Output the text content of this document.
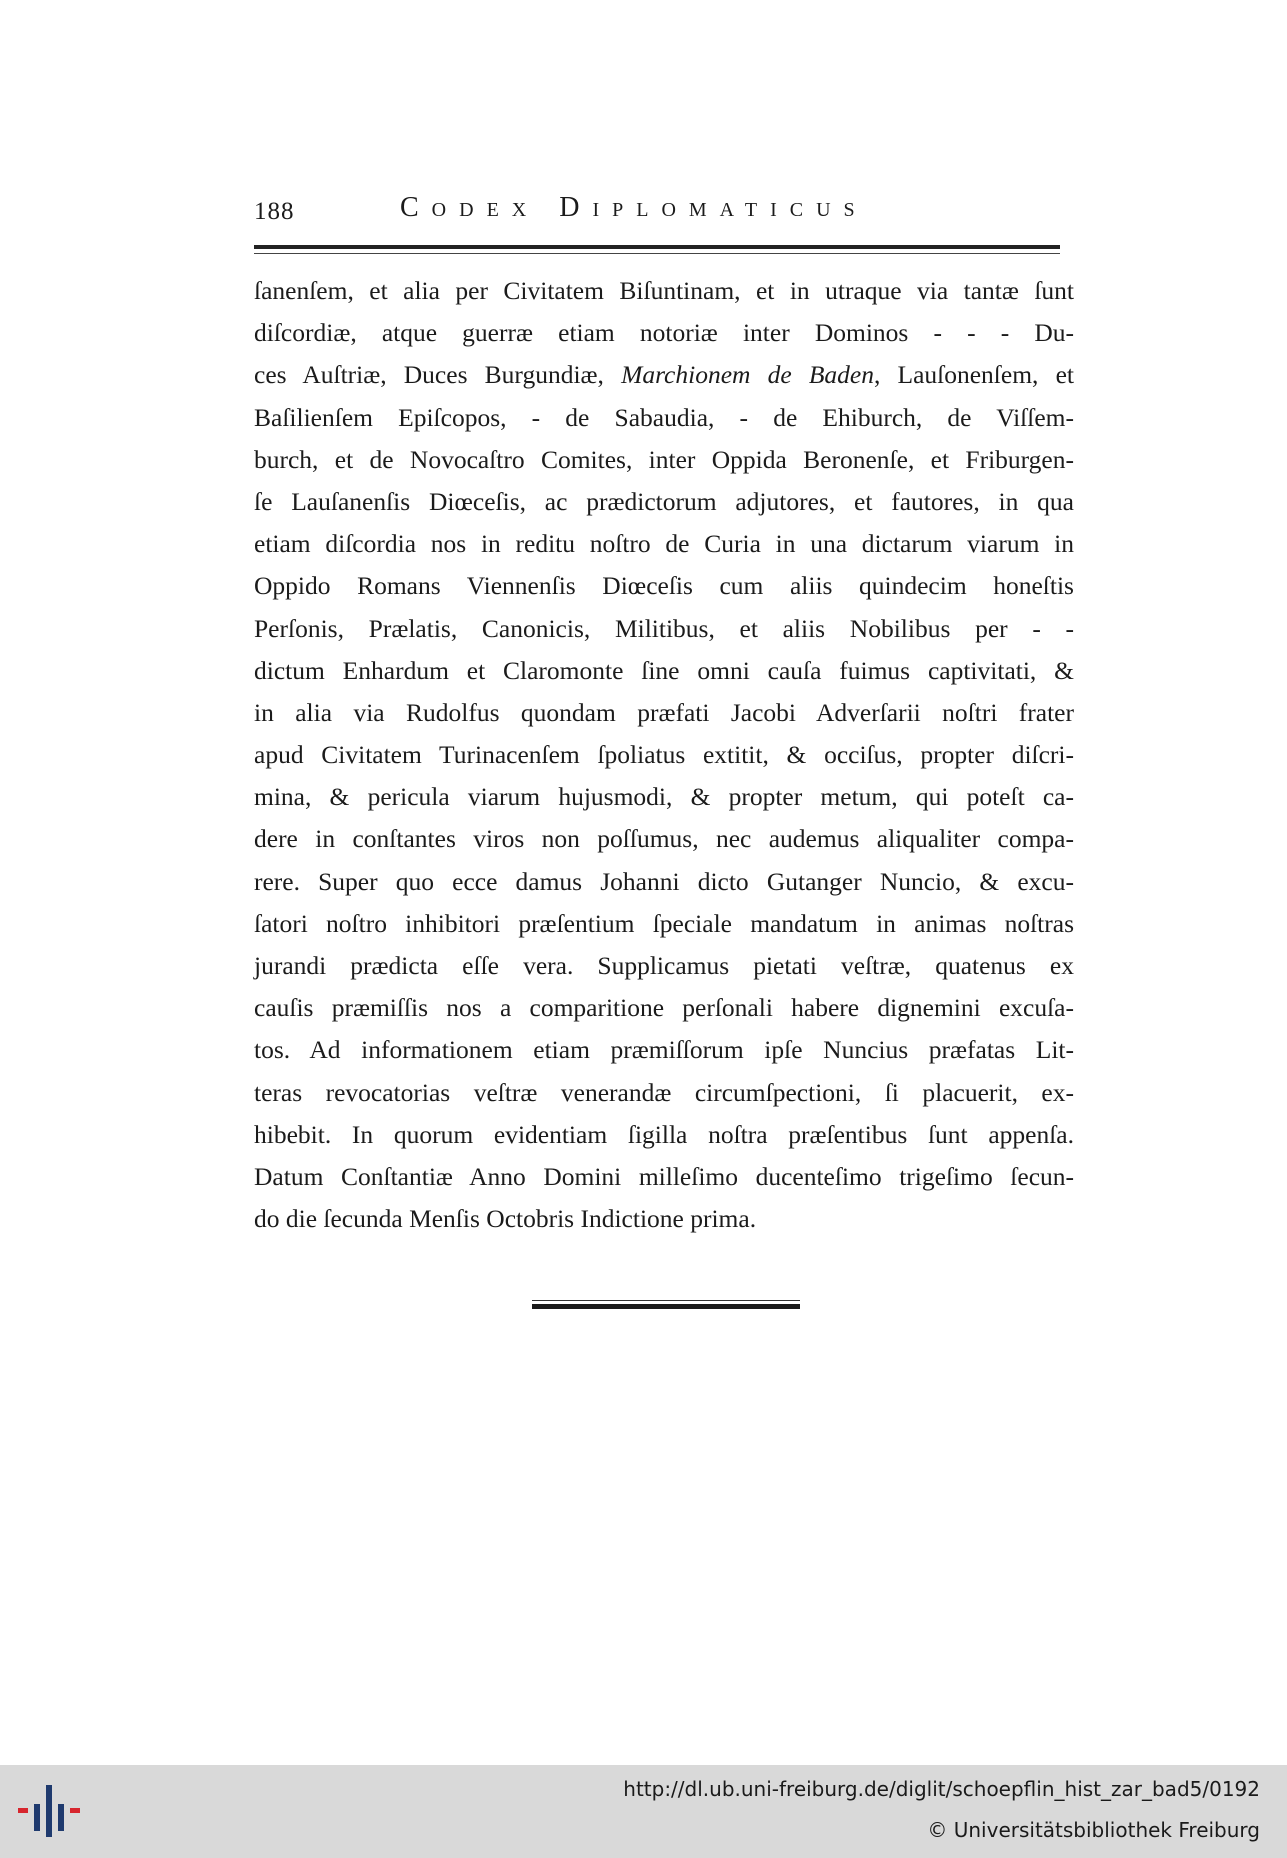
188	Codex Diplomaticus
ſanenſem, et alia per Civitatem Biſuntinam, et in utraque via tantæ ſunt
diſcordiæ, atque guerræ etiam notoriæ inter Dominos - - - Du-
ces Auſtriæ, Duces Burgundiæ, Marchionem de Baden, Lauſonenſem, et
Baſilienſem Epiſcopos, - de Sabaudia, - de Ehiburch, de Viſſem-
burch, et de Novocaſtro Comites, inter Oppida Beronenſe, et Friburgen-
ſe Lauſanenſis Diœceſis, ac prædictorum adjutores, et fautores, in qua
etiam diſcordia nos in reditu noſtro de Curia in una dictarum viarum in
Oppido Romans Viennenſis Diœceſis cum aliis quindecim honeſtis
Perſonis, Prælatis, Canonicis, Militibus, et aliis Nobilibus per - -
dictum Enhardum et Claromonte ſine omni cauſa fuimus captivitati, &
in alia via Rudolfus quondam præfati Jacobi Adverſarii noſtri frater
apud Civitatem Turinacenſem ſpoliatus extitit, & occiſus, propter diſcri-
mina, & pericula viarum hujusmodi, & propter metum, qui poteſt ca-
dere in conſtantes viros non poſſumus, nec audemus aliqualiter compa-
rere. Super quo ecce damus Johanni dicto Gutanger Nuncio, & excu-
ſatori noſtro inhibitori præſentium ſpeciale mandatum in animas noſtras
jurandi prædicta eſſe vera. Supplicamus pietati veſtræ, quatenus ex
cauſis præmiſſis nos a comparitione perſonali habere dignemini excuſa-
tos. Ad informationem etiam præmiſſorum ipſe Nuncius præfatas Lit-
teras revocatorias veſtræ venerandæ circumſpectioni, ſi placuerit, ex-
hibebit. In quorum evidentiam ſigilla noſtra præſentibus ſunt appenſa.
Datum Conſtantiæ Anno Domini milleſimo ducenteſimo trigeſimo ſecun-
do die ſecunda Menſis Octobris Indictione prima.
http://dl.ub.uni-freiburg.de/diglit/schoepflin_hist_zar_bad5/0192
© Universitätsbibliothek Freiburg
